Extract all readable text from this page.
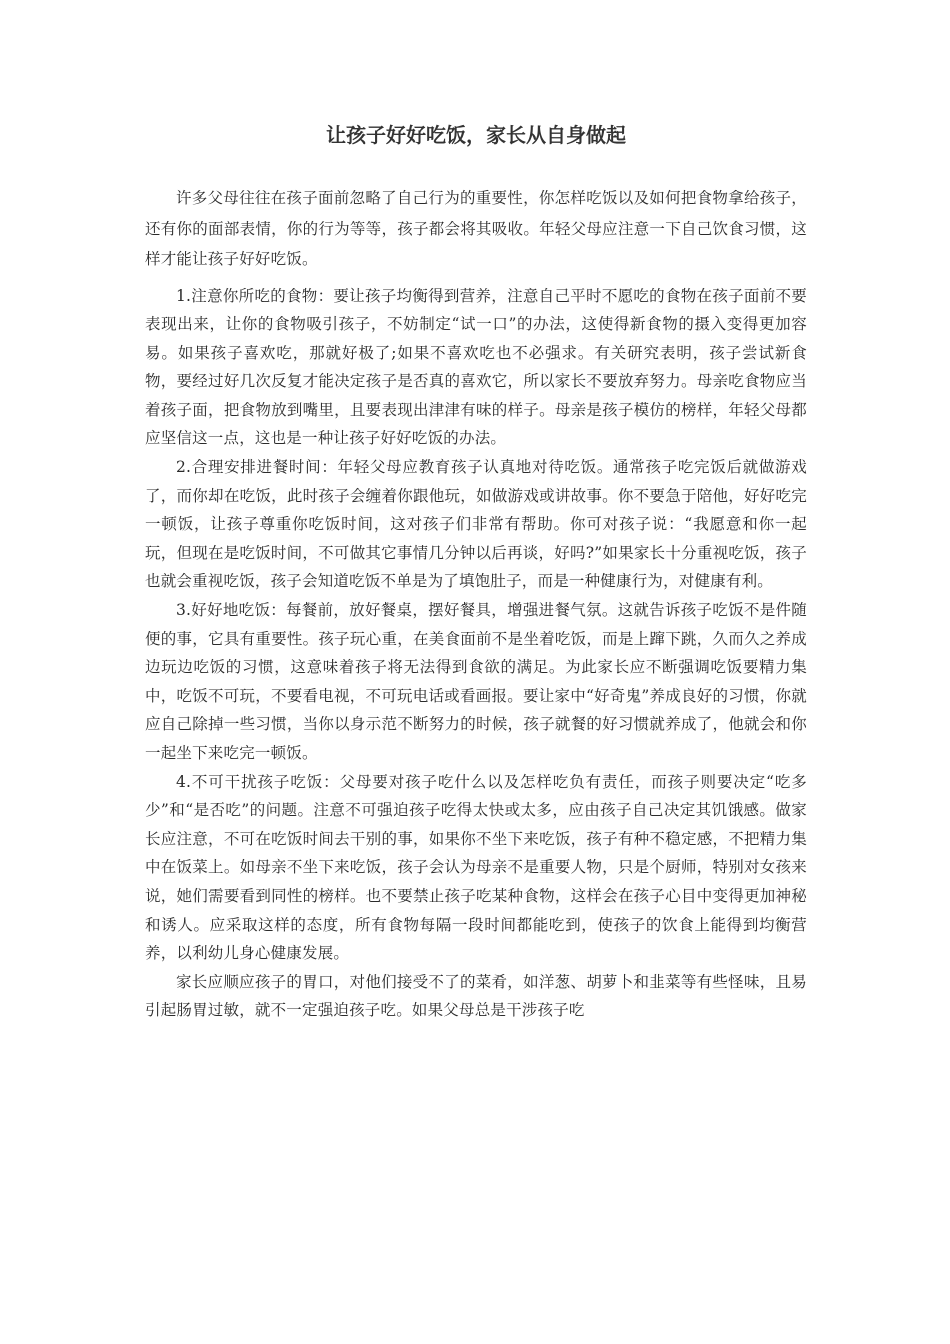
让孩子好好吃饭，家长从自身做起

许多父母往往在孩子面前忽略了自己行为的重要性，你怎样吃饭以及如何把食物拿给孩子，还有你的面部表情，你的行为等等，孩子都会将其吸收。年轻父母应注意一下自己饮食习惯，这样才能让孩子好好吃饭。

1.注意你所吃的食物：要让孩子均衡得到营养，注意自己平时不愿吃的食物在孩子面前不要表现出来，让你的食物吸引孩子，不妨制定“试一口”的办法，这使得新食物的摄入变得更加容易。如果孩子喜欢吃，那就好极了;如果不喜欢吃也不必强求。有关研究表明，孩子尝试新食物，要经过好几次反复才能决定孩子是否真的喜欢它，所以家长不要放弃努力。母亲吃食物应当着孩子面，把食物放到嘴里，且要表现出津津有味的样子。母亲是孩子模仿的榜样，年轻父母都应坚信这一点，这也是一种让孩子好好吃饭的办法。

2.合理安排进餐时间：年轻父母应教育孩子认真地对待吃饭。通常孩子吃完饭后就做游戏了，而你却在吃饭，此时孩子会缠着你跟他玩，如做游戏或讲故事。你不要急于陪他，好好吃完一顿饭，让孩子尊重你吃饭时间，这对孩子们非常有帮助。你可对孩子说：“我愿意和你一起玩，但现在是吃饭时间，不可做其它事情几分钟以后再谈，好吗?”如果家长十分重视吃饭，孩子也就会重视吃饭，孩子会知道吃饭不单是为了填饱肚子，而是一种健康行为，对健康有利。

3.好好地吃饭：每餐前，放好餐桌，摆好餐具，增强进餐气氛。这就告诉孩子吃饭不是件随便的事，它具有重要性。孩子玩心重，在美食面前不是坐着吃饭，而是上蹿下跳，久而久之养成边玩边吃饭的习惯，这意味着孩子将无法得到食欲的满足。为此家长应不断强调吃饭要精力集中，吃饭不可玩，不要看电视，不可玩电话或看画报。要让家中“好奇鬼”养成良好的习惯，你就应自己除掉一些习惯，当你以身示范不断努力的时候，孩子就餐的好习惯就养成了，他就会和你一起坐下来吃完一顿饭。

4.不可干扰孩子吃饭：父母要对孩子吃什么以及怎样吃负有责任，而孩子则要决定“吃多少”和“是否吃”的问题。注意不可强迫孩子吃得太快或太多，应由孩子自己决定其饥饿感。做家长应注意，不可在吃饭时间去干别的事，如果你不坐下来吃饭，孩子有种不稳定感，不把精力集中在饭菜上。如母亲不坐下来吃饭，孩子会认为母亲不是重要人物，只是个厨师，特别对女孩来说，她们需要看到同性的榜样。也不要禁止孩子吃某种食物，这样会在孩子心目中变得更加神秘和诱人。应采取这样的态度，所有食物每隔一段时间都能吃到，使孩子的饮食上能得到均衡营养，以利幼儿身心健康发展。

家长应顺应孩子的胃口，对他们接受不了的菜肴，如洋葱、胡萝卜和韭菜等有些怪味，且易引起肠胃过敏，就不一定强迫孩子吃。如果父母总是干涉孩子吃
